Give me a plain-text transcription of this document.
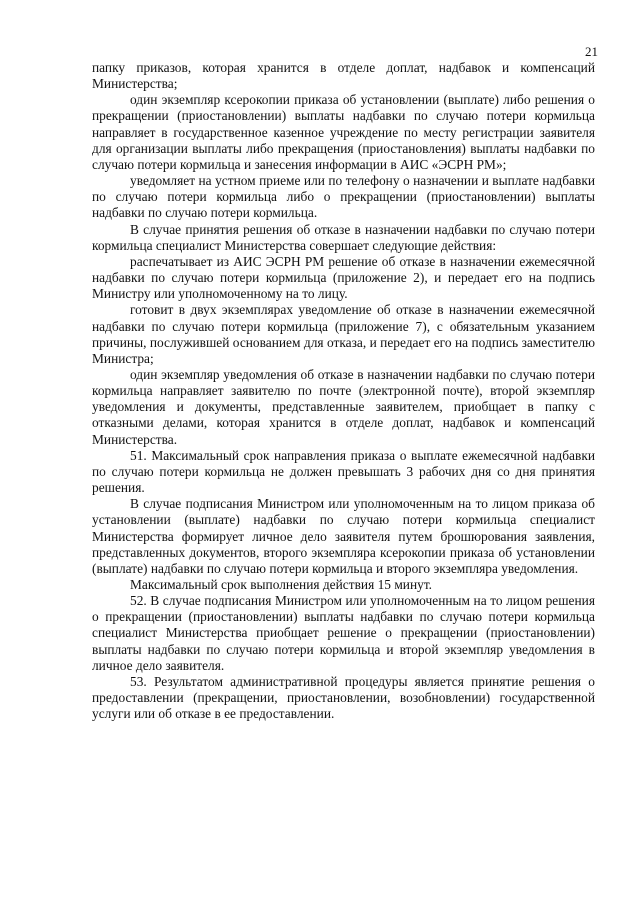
21

папку приказов, которая хранится в отделе доплат, надбавок и компенсаций Министерства;

один экземпляр ксерокопии приказа об установлении (выплате) либо решения о прекращении (приостановлении) выплаты надбавки по случаю потери кормильца направляет в государственное казенное учреждение по месту регистрации заявителя для организации выплаты либо прекращения (приостановления) выплаты надбавки по случаю потери кормильца и занесения информации в АИС «ЭСРН РМ»;

уведомляет на устном приеме или по телефону о назначении и выплате надбавки по случаю потери кормильца либо о прекращении (приостановлении) выплаты надбавки по случаю потери кормильца.

В случае принятия решения об отказе в назначении надбавки по случаю потери кормильца специалист Министерства совершает следующие действия:

распечатывает из АИС ЭСРН РМ решение об отказе в назначении ежемесячной надбавки по случаю потери кормильца (приложение 2), и передает его на подпись Министру или уполномоченному на то лицу.

готовит в двух экземплярах уведомление об отказе в назначении ежемесячной надбавки по случаю потери кормильца (приложение 7), с обязательным указанием причины, послужившей основанием для отказа, и передает его на подпись заместителю Министра;

один экземпляр уведомления об отказе в назначении надбавки по случаю потери кормильца направляет заявителю по почте (электронной почте), второй экземпляр уведомления и документы, представленные заявителем, приобщает в папку с отказными делами, которая хранится в отделе доплат, надбавок и компенсаций Министерства.

51. Максимальный срок направления приказа о выплате ежемесячной надбавки по случаю потери кормильца не должен превышать 3 рабочих дня со дня принятия решения.

В случае подписания Министром или уполномоченным на то лицом приказа об установлении (выплате) надбавки по случаю потери кормильца специалист Министерства формирует личное дело заявителя путем брошюрования заявления, представленных документов, второго экземпляра ксерокопии приказа об установлении (выплате) надбавки по случаю потери кормильца и второго экземпляра уведомления.

Максимальный срок выполнения действия 15 минут.

52. В случае подписания Министром или уполномоченным на то лицом решения о прекращении (приостановлении) выплаты надбавки по случаю потери кормильца специалист Министерства приобщает решение о прекращении (приостановлении) выплаты надбавки по случаю потери кормильца и второй экземпляр уведомления в личное дело заявителя.

53. Результатом административной процедуры является принятие решения о предоставлении (прекращении, приостановлении, возобновлении) государственной услуги или об отказе в ее предоставлении.
